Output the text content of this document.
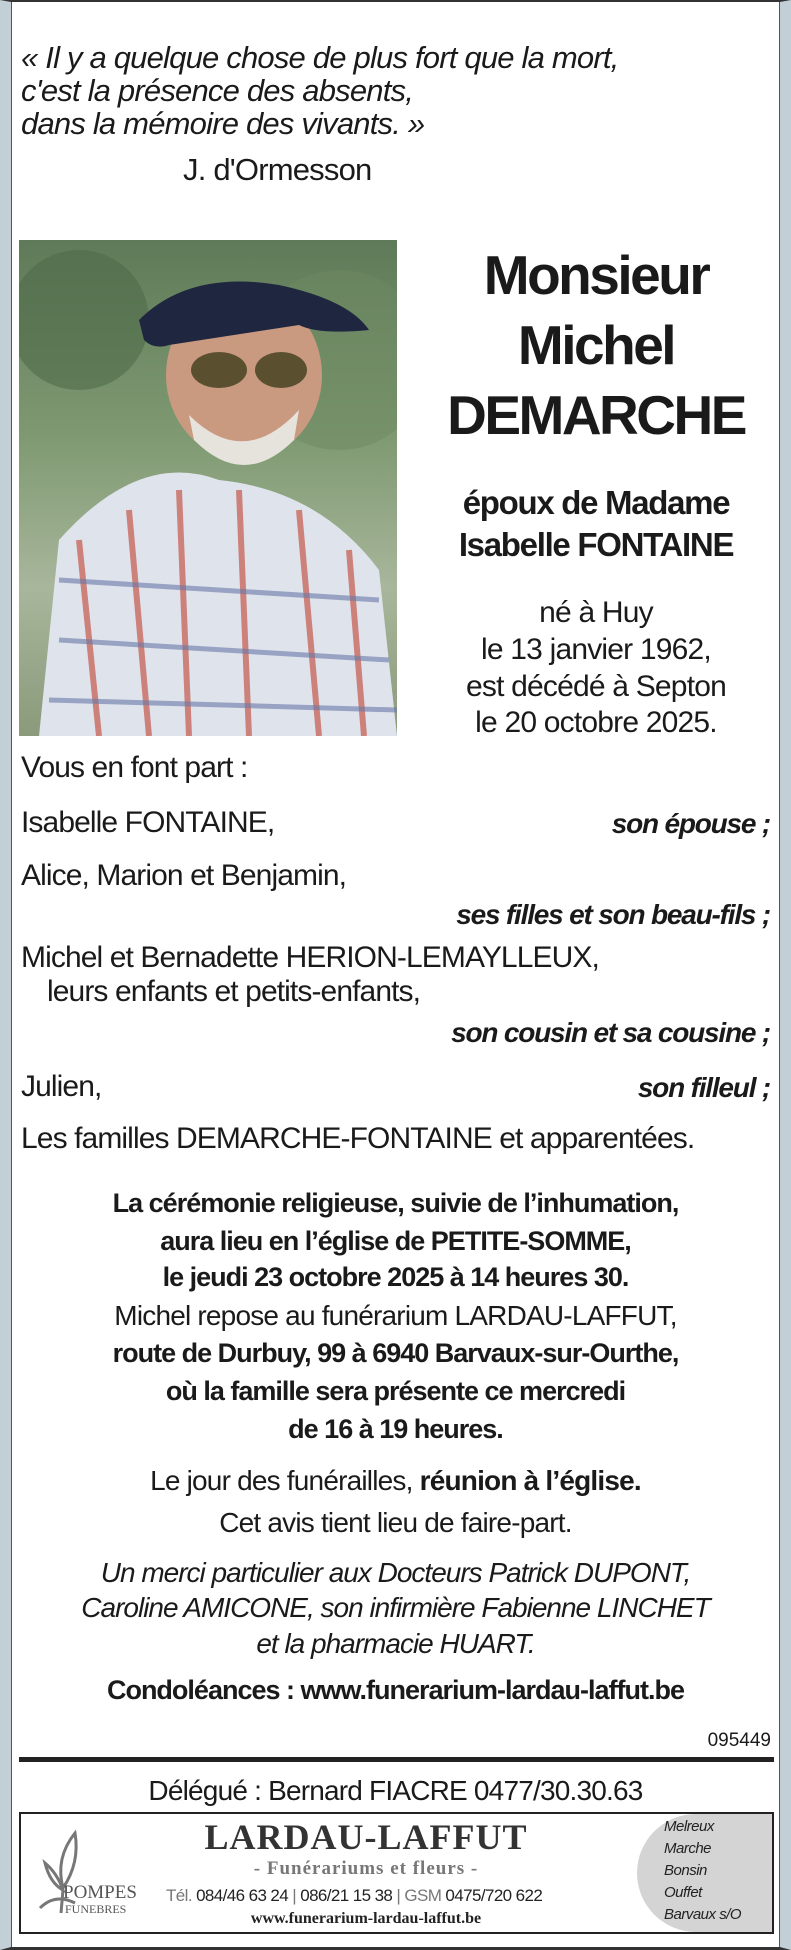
« Il y a quelque chose de plus fort que la mort,
c'est la présence des absents,
dans la mémoire des vivants. »
J. d'Ormesson
Monsieur
Michel
DEMARCHE
époux de Madame
Isabelle FONTAINE
né à Huy
le 13 janvier 1962,
est décédé à Septon
le 20 octobre 2025.
Vous en font part :
Isabelle FONTAINE,	son épouse ;
Alice, Marion et Benjamin,
ses filles et son beau-fils ;
Michel et Bernadette HERION-LEMAYLLEUX,
leurs enfants et petits-enfants,
son cousin et sa cousine ;
Julien,	son filleul ;
Les familles DEMARCHE-FONTAINE et apparentées.
La cérémonie religieuse, suivie de l’inhumation,
aura lieu en l’église de PETITE-SOMME,
le jeudi 23 octobre 2025 à 14 heures 30.
Michel repose au funérarium LARDAU-LAFFUT,
route de Durbuy, 99 à 6940 Barvaux-sur-Ourthe,
où la famille sera présente ce mercredi
de 16 à 19 heures.
Le jour des funérailles, réunion à l’église.
Cet avis tient lieu de faire-part.
Un merci particulier aux Docteurs Patrick DUPONT,
Caroline AMICONE, son infirmière Fabienne LINCHET
et la pharmacie HUART.
Condoléances : www.funerarium-lardau-laffut.be
095449
Délégué : Bernard FIACRE 0477/30.30.63
POMPES
FUNEBRES
LARDAU-LAFFUT
- Funérariums et fleurs -
Tél. 084/46 63 24 | 086/21 15 38 | GSM 0475/720 622
www.funerarium-lardau-laffut.be
Melreux
Marche
Bonsin
Ouffet
Barvaux s/O
